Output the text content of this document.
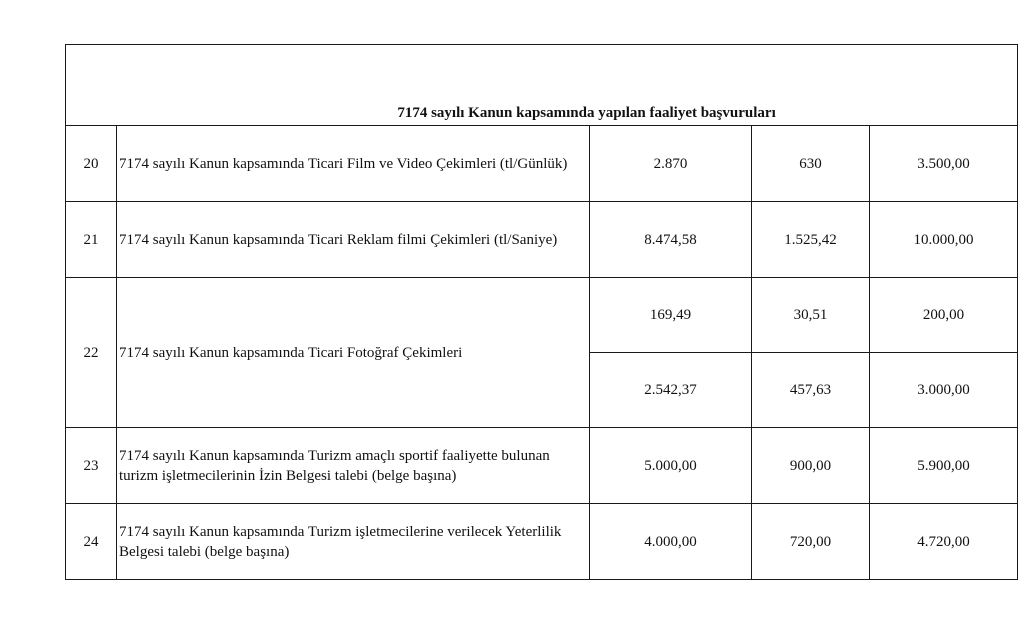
7174 sayılı Kanun kapsamında yapılan faaliyet başvuruları				
20	7174 sayılı Kanun kapsamında Ticari Film ve Video Çekimleri (tl/Günlük)	2.870	630	3.500,00
21	7174 sayılı Kanun kapsamında Ticari Reklam filmi Çekimleri (tl/Saniye)	8.474,58	1.525,42	10.000,00
22	7174 sayılı Kanun kapsamında Ticari Fotoğraf Çekimleri	169,49	30,51	200,00
		2.542,37	457,63	3.000,00
23	7174 sayılı Kanun kapsamında Turizm amaçlı sportif faaliyette bulunan turizm işletmecilerinin İzin Belgesi talebi (belge başına)	5.000,00	900,00	5.900,00
24	7174 sayılı Kanun kapsamında Turizm işletmecilerine verilecek Yeterlilik Belgesi talebi (belge başına)	4.000,00	720,00	4.720,00
